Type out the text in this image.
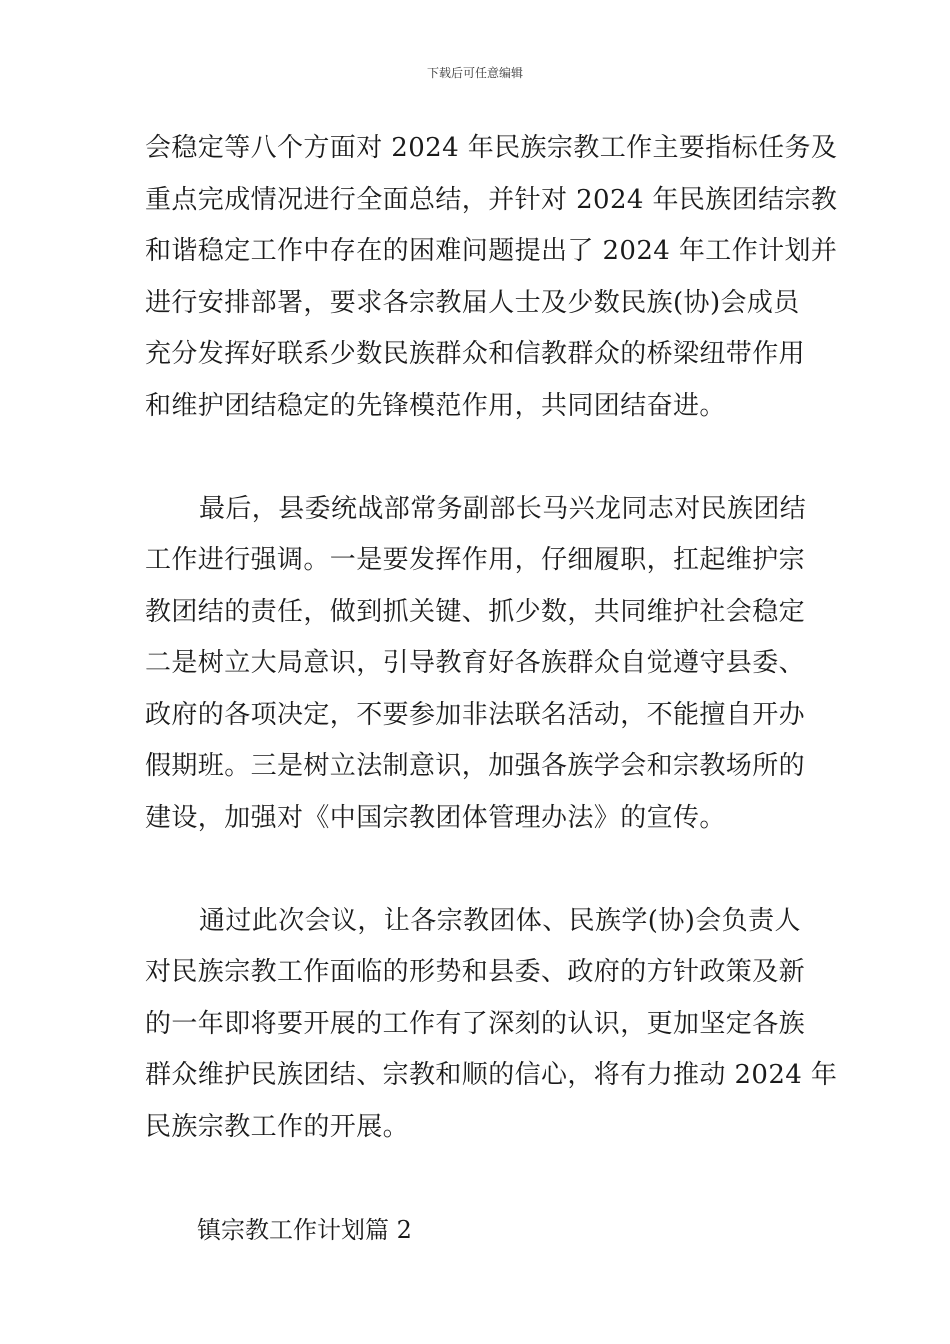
下载后可任意编辑
会稳定等八个方面对 2024 年民族宗教工作主要指标任务及
重点完成情况进行全面总结，并针对 2024 年民族团结宗教
和谐稳定工作中存在的困难问题提出了 2024 年工作计划并
进行安排部署，要求各宗教届人士及少数民族(协)会成员
充分发挥好联系少数民族群众和信教群众的桥梁纽带作用
和维护团结稳定的先锋模范作用，共同团结奋进。
最后，县委统战部常务副部长马兴龙同志对民族团结
工作进行强调。一是要发挥作用，仔细履职，扛起维护宗
教团结的责任，做到抓关键、抓少数，共同维护社会稳定
二是树立大局意识，引导教育好各族群众自觉遵守县委、
政府的各项决定，不要参加非法联名活动，不能擅自开办
假期班。三是树立法制意识，加强各族学会和宗教场所的
建设，加强对《中国宗教团体管理办法》的宣传。
通过此次会议，让各宗教团体、民族学(协)会负责人
对民族宗教工作面临的形势和县委、政府的方针政策及新
的一年即将要开展的工作有了深刻的认识，更加坚定各族
群众维护民族团结、宗教和顺的信心，将有力推动 2024 年
民族宗教工作的开展。
镇宗教工作计划篇 2
